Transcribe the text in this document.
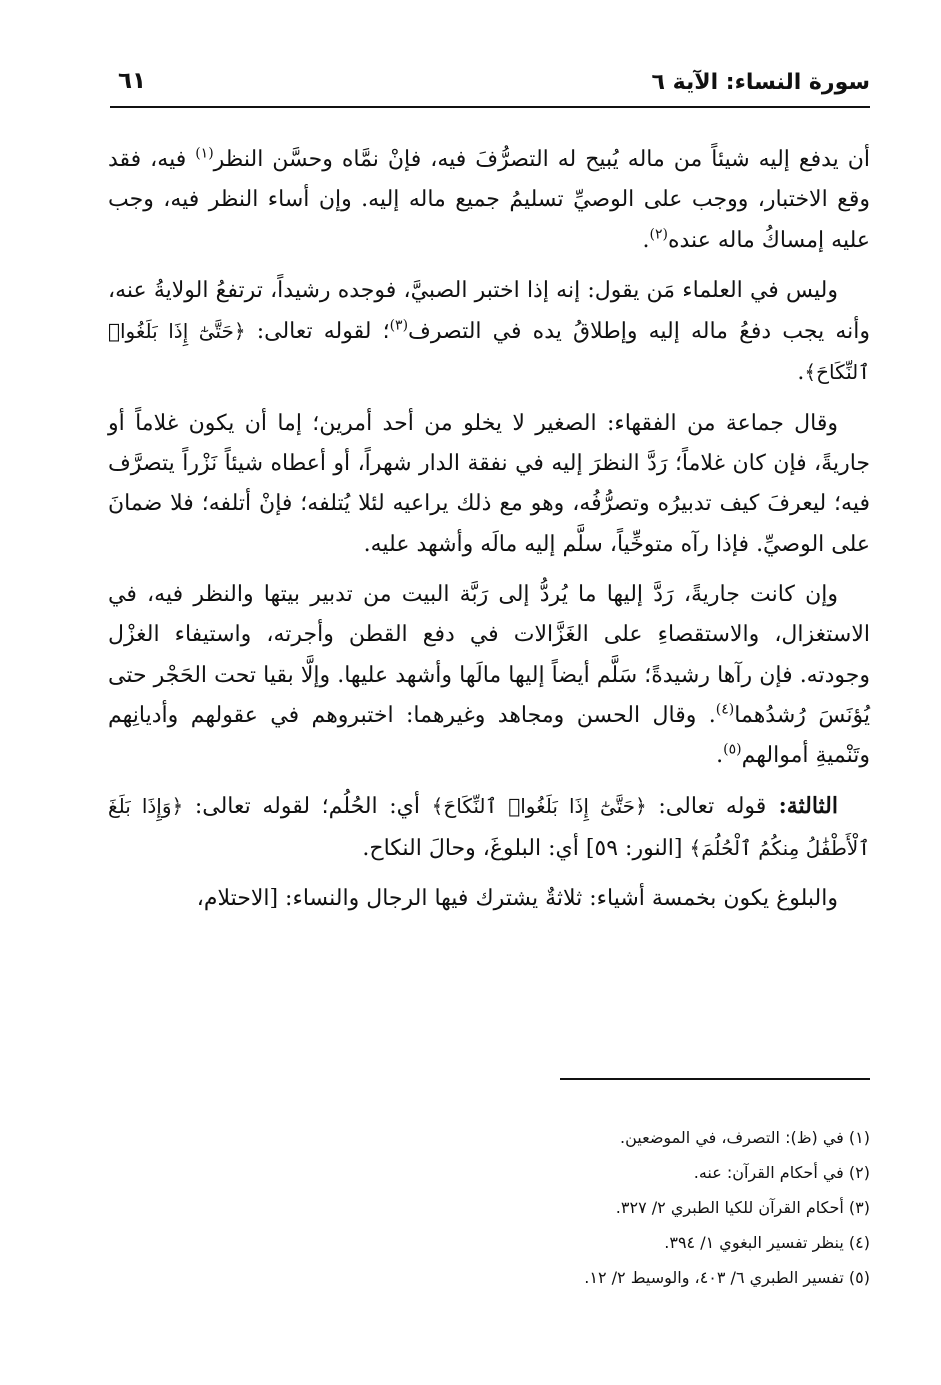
سورة النساء: الآية ٦
٦١

أن يدفع إليه شيئاً من ماله يُبيح له التصرُّفَ فيه، فإنْ نمَّاه وحسَّن النظر$^{(١)}$ فيه، فقد وقع الاختبار، ووجب على الوصيِّ تسليمُ جميع ماله إليه. وإن أساء النظر فيه، وجب عليه إمساكُ ماله عنده$^{(٢)}$.

وليس في العلماء مَن يقول: إنه إذا اختبر الصبيَّ، فوجده رشيداً، ترتفعُ الولايةُ عنه، وأنه يجب دفعُ ماله إليه وإطلاقُ يده في التصرف$^{(٣)}$؛ لقوله تعالى: ﴿حَتَّىٰٓ إِذَا بَلَغُوا۟ ٱلنِّكَاحَ﴾.

وقال جماعة من الفقهاء: الصغير لا يخلو من أحد أمرين؛ إما أن يكون غلاماً أو جاريةً، فإن كان غلاماً؛ رَدَّ النظرَ إليه في نفقة الدار شهراً، أو أعطاه شيئاً نَزْراً يتصرَّف فيه؛ ليعرفَ كيف تدبيرُه وتصرُّفُه، وهو مع ذلك يراعيه لئلا يُتلفه؛ فإنْ أتلفه؛ فلا ضمانَ على الوصيِّ. فإذا رآه متوخِّياً، سلَّم إليه مالَه وأشهد عليه.

وإن كانت جاريةً، رَدَّ إليها ما يُردُّ إلى رَبَّة البيت من تدبير بيتها والنظر فيه، في الاستغزال، والاستقصاءِ على الغَزَّالات في دفع القطن وأجرته، واستيفاء الغزْل وجودته. فإن رآها رشيدةً؛ سَلَّم أيضاً إليها مالَها وأشهد عليها. وإلَّا بقيا تحت الحَجْر حتى يُؤنَسَ رُشدُهما$^{(٤)}$. وقال الحسن ومجاهد وغيرهما: اختبروهم في عقولهم وأديانِهم وتَنْميةِ أموالهم$^{(٥)}$.

الثالثة: قوله تعالى: ﴿حَتَّىٰٓ إِذَا بَلَغُوا۟ ٱلنِّكَاحَ﴾ أي: الحُلُم؛ لقوله تعالى: ﴿وَإِذَا بَلَغَ ٱلْأَطْفَٰلُ مِنكُمُ ٱلْحُلُمَ﴾ [النور: ٥٩] أي: البلوغَ، وحالَ النكاح.

والبلوغ يكون بخمسة أشياء: ثلاثةٌ يشترك فيها الرجال والنساء: [الاحتلام،

(١) في (ظ): التصرف، في الموضعين.

(٢) في أحكام القرآن: عنه.

(٣) أحكام القرآن للكيا الطبري ٢/ ٣٢٧.

(٤) ينظر تفسير البغوي ١/ ٣٩٤.

(٥) تفسير الطبري ٦/ ٤٠٣، والوسيط ٢/ ١٢.
